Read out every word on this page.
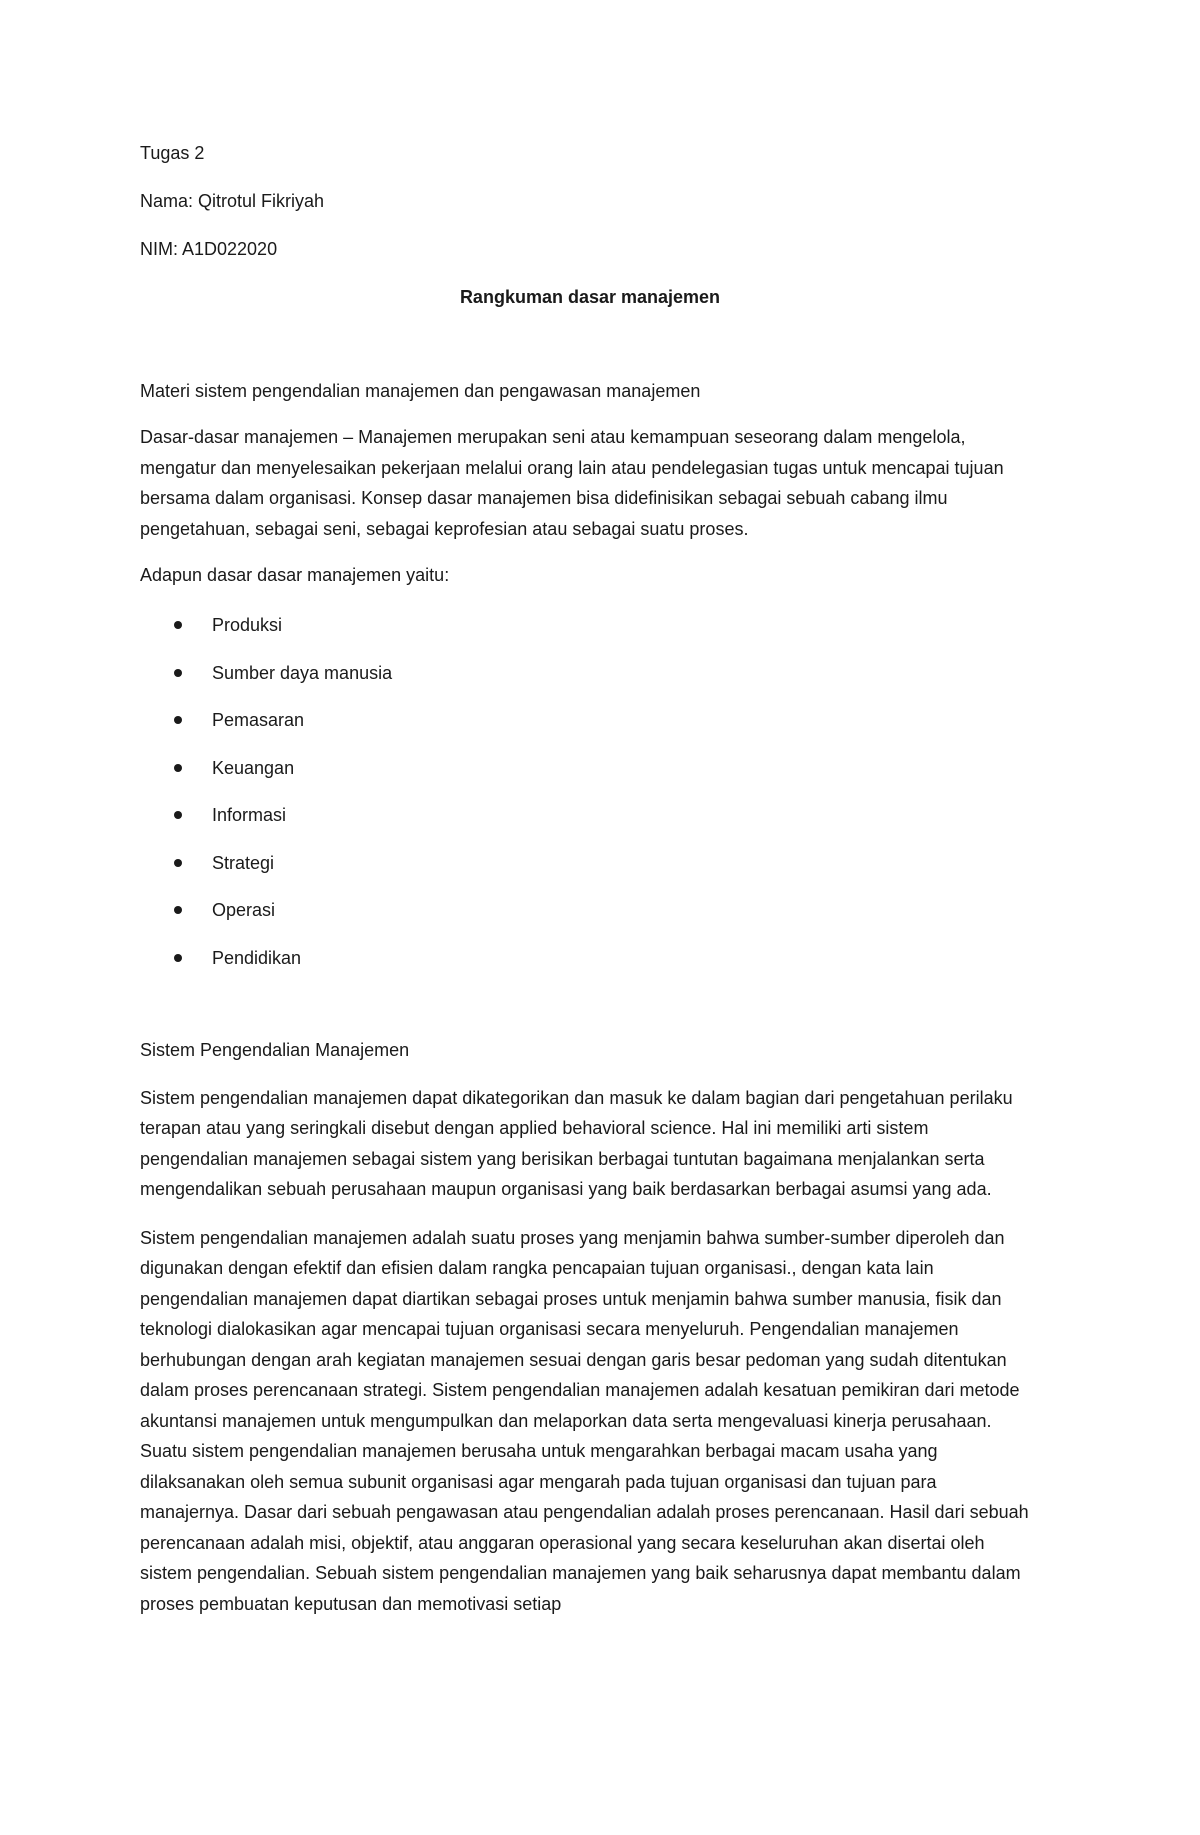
Tugas 2
Nama: Qitrotul Fikriyah
NIM: A1D022020
Rangkuman dasar manajemen
Materi sistem pengendalian manajemen dan pengawasan manajemen

Dasar-dasar manajemen – Manajemen merupakan seni atau kemampuan seseorang dalam mengelola, mengatur dan menyelesaikan pekerjaan melalui orang lain atau pendelegasian tugas untuk mencapai tujuan bersama dalam organisasi. Konsep dasar manajemen bisa didefinisikan sebagai sebuah cabang ilmu pengetahuan, sebagai seni, sebagai keprofesian atau sebagai suatu proses.

Adapun dasar dasar manajemen yaitu:
Produksi
Sumber daya manusia
Pemasaran
Keuangan
Informasi
Strategi
Operasi
Pendidikan
Sistem Pengendalian Manajemen

Sistem pengendalian manajemen dapat dikategorikan dan masuk ke dalam bagian dari pengetahuan perilaku terapan atau yang seringkali disebut dengan applied behavioral science. Hal ini memiliki arti sistem pengendalian manajemen sebagai sistem yang berisikan berbagai tuntutan bagaimana menjalankan serta mengendalikan sebuah perusahaan maupun organisasi yang baik berdasarkan berbagai asumsi yang ada.

Sistem pengendalian manajemen adalah suatu proses yang menjamin bahwa sumber-sumber diperoleh dan digunakan dengan efektif dan efisien dalam rangka pencapaian tujuan organisasi., dengan kata lain pengendalian manajemen dapat diartikan sebagai proses untuk menjamin bahwa sumber manusia, fisik dan teknologi dialokasikan agar mencapai tujuan organisasi secara menyeluruh. Pengendalian manajemen berhubungan dengan arah kegiatan manajemen sesuai dengan garis besar pedoman yang sudah ditentukan dalam proses perencanaan strategi. Sistem pengendalian manajemen adalah kesatuan pemikiran dari metode akuntansi manajemen untuk mengumpulkan dan melaporkan data serta mengevaluasi kinerja perusahaan. Suatu sistem pengendalian manajemen berusaha untuk mengarahkan berbagai macam usaha yang dilaksanakan oleh semua subunit organisasi agar mengarah pada tujuan organisasi dan tujuan para manajernya. Dasar dari sebuah pengawasan atau pengendalian adalah proses perencanaan. Hasil dari sebuah perencanaan adalah misi, objektif, atau anggaran operasional yang secara keseluruhan akan disertai oleh sistem pengendalian. Sebuah sistem pengendalian manajemen yang baik seharusnya dapat membantu dalam proses pembuatan keputusan dan memotivasi setiap
